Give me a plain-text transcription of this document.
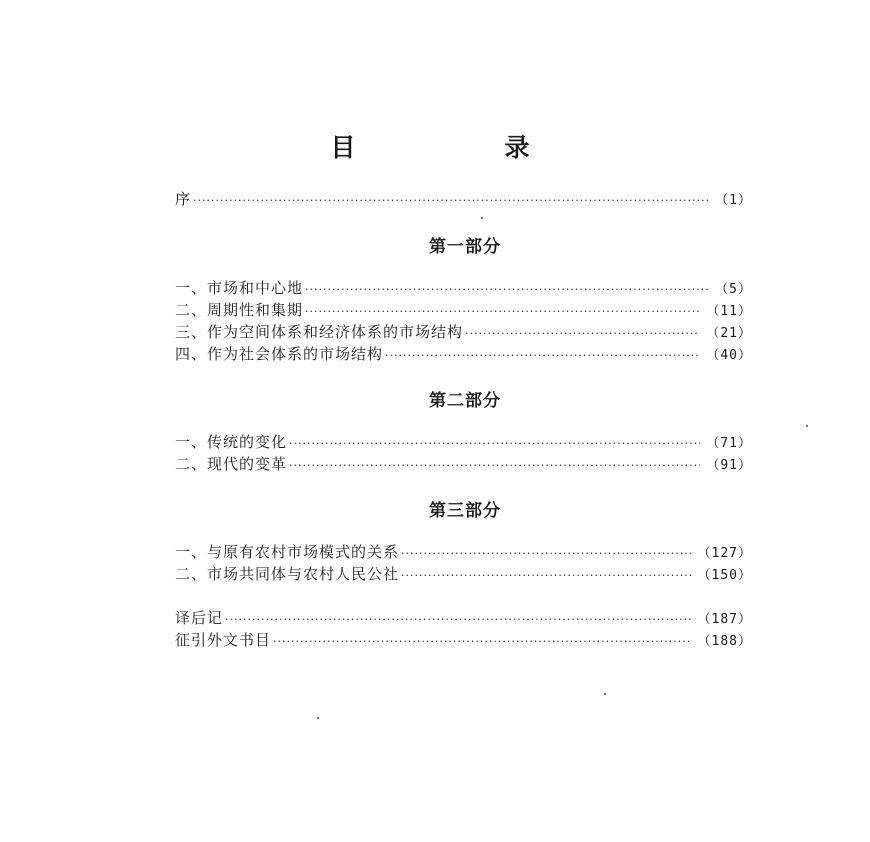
目　录
序 ·····	（1）
第一部分
一、市场和中心地 ·····	（5）
二、周期性和集期 ·····	（11）
三、作为空间体系和经济体系的市场结构 ·····	（21）
四、作为社会体系的市场结构 ·····	（40）
第二部分
一、传统的变化 ·····	（71）
二、现代的变革 ·····	（91）
第三部分
一、与原有农村市场模式的关系 ·····	（127）
二、市场共同体与农村人民公社 ·····	（150）
译后记 ·····	（187）
征引外文书目 ·····	（188）
